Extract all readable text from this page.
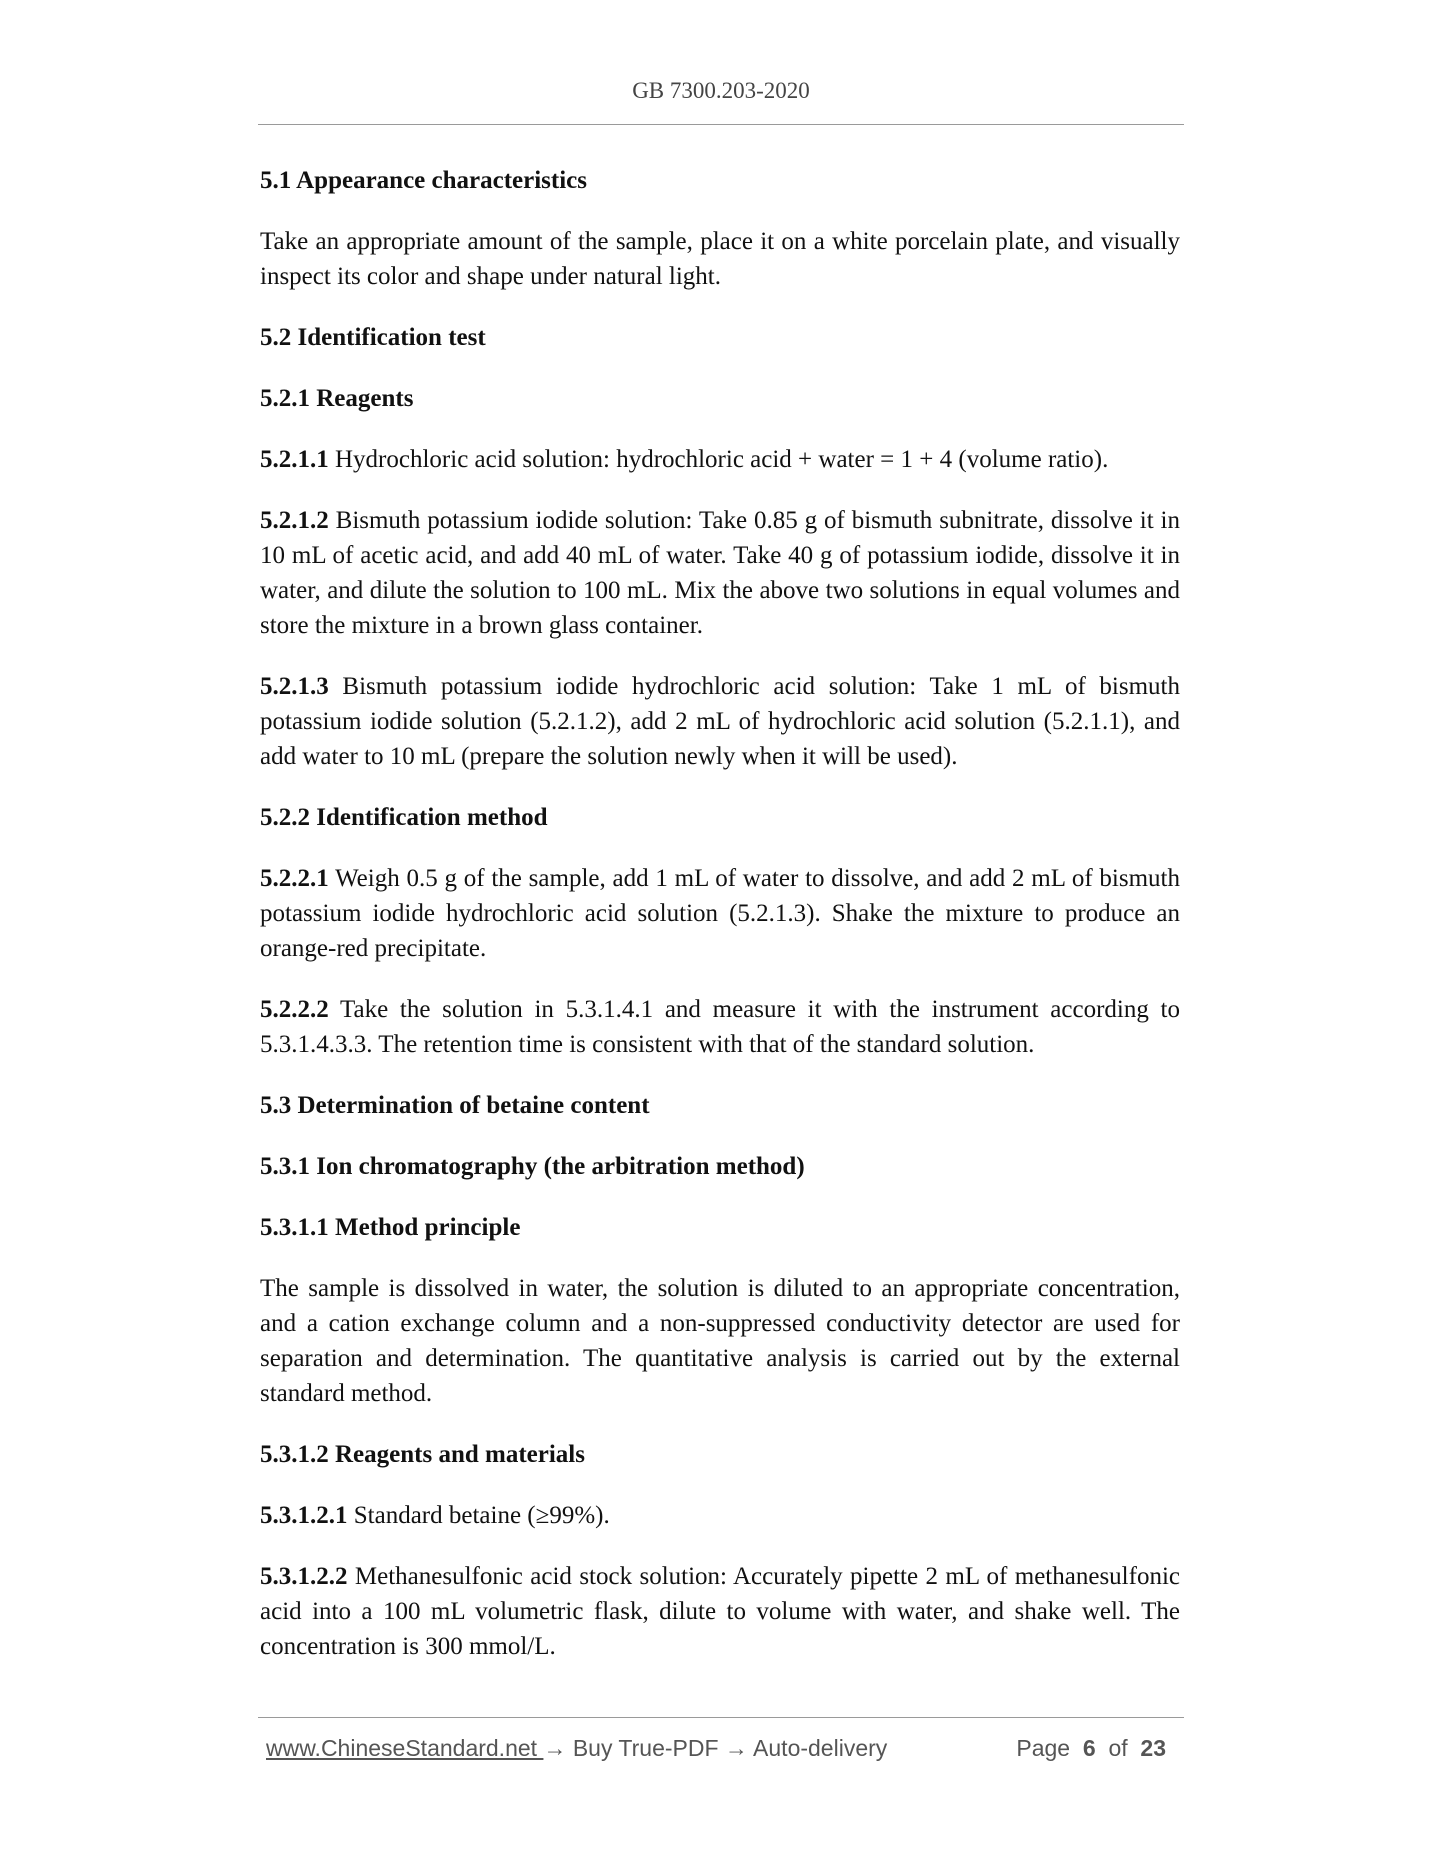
GB 7300.203-2020
5.1 Appearance characteristics

Take an appropriate amount of the sample, place it on a white porcelain plate, and visually inspect its color and shape under natural light.

5.2 Identification test
5.2.1 Reagents

5.2.1.1 Hydrochloric acid solution: hydrochloric acid + water = 1 + 4 (volume ratio).

5.2.1.2 Bismuth potassium iodide solution: Take 0.85 g of bismuth subnitrate, dissolve it in 10 mL of acetic acid, and add 40 mL of water. Take 40 g of potassium iodide, dissolve it in water, and dilute the solution to 100 mL. Mix the above two solutions in equal volumes and store the mixture in a brown glass container.

5.2.1.3 Bismuth potassium iodide hydrochloric acid solution: Take 1 mL of bismuth potassium iodide solution (5.2.1.2), add 2 mL of hydrochloric acid solution (5.2.1.1), and add water to 10 mL (prepare the solution newly when it will be used).

5.2.2 Identification method

5.2.2.1 Weigh 0.5 g of the sample, add 1 mL of water to dissolve, and add 2 mL of bismuth potassium iodide hydrochloric acid solution (5.2.1.3). Shake the mixture to produce an orange-red precipitate.

5.2.2.2 Take the solution in 5.3.1.4.1 and measure it with the instrument according to 5.3.1.4.3.3. The retention time is consistent with that of the standard solution.

5.3 Determination of betaine content
5.3.1 Ion chromatography (the arbitration method)
5.3.1.1 Method principle

The sample is dissolved in water, the solution is diluted to an appropriate concentration, and a cation exchange column and a non-suppressed conductivity detector are used for separation and determination. The quantitative analysis is carried out by the external standard method.

5.3.1.2 Reagents and materials

5.3.1.2.1 Standard betaine (≥99%).

5.3.1.2.2 Methanesulfonic acid stock solution: Accurately pipette 2 mL of methanesulfonic acid into a 100 mL volumetric flask, dilute to volume with water, and shake well. The concentration is 300 mmol/L.

www.ChineseStandard.net → Buy True-PDF → Auto-delivery	Page 6 of 23
